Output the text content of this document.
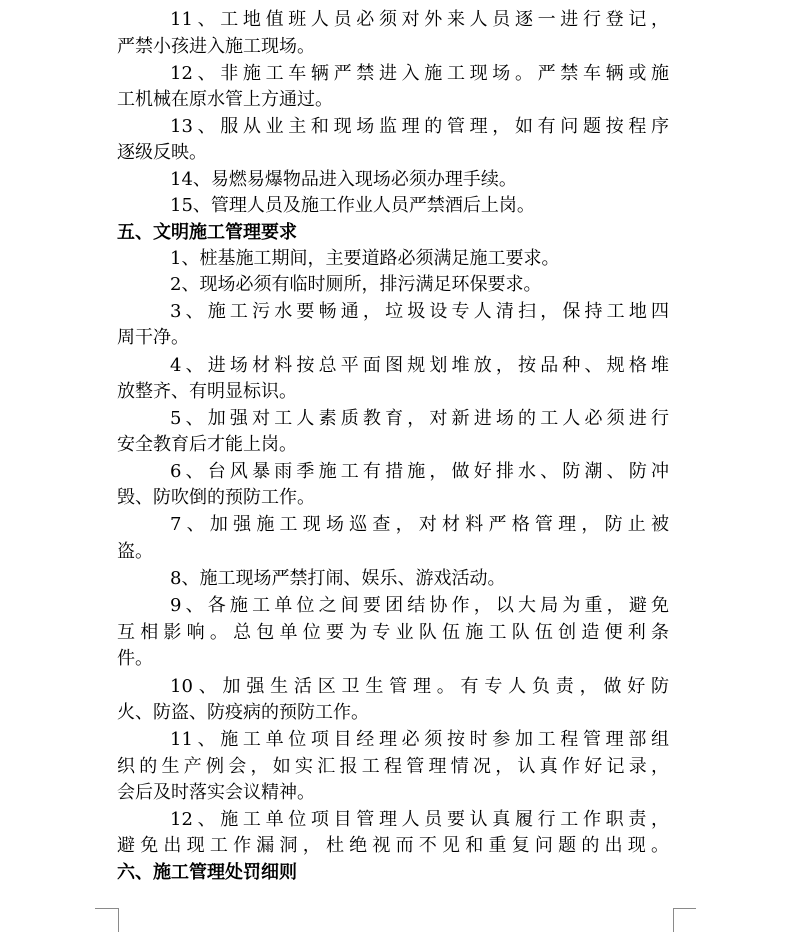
11、工地值班人员必须对外来人员逐一进行登记，
严禁小孩进入施工现场。
12、非施工车辆严禁进入施工现场。严禁车辆或施
工机械在原水管上方通过。
13、服从业主和现场监理的管理，如有问题按程序
逐级反映。
14、易燃易爆物品进入现场必须办理手续。
15、管理人员及施工作业人员严禁酒后上岗。
五、文明施工管理要求
1、桩基施工期间，主要道路必须满足施工要求。
2、现场必须有临时厕所，排污满足环保要求。
3、施工污水要畅通，垃圾设专人清扫，保持工地四
周干净。
4、进场材料按总平面图规划堆放，按品种、规格堆
放整齐、有明显标识。
5、加强对工人素质教育，对新进场的工人必须进行
安全教育后才能上岗。
6、台风暴雨季施工有措施，做好排水、防潮、防冲
毁、防吹倒的预防工作。
7、加强施工现场巡查，对材料严格管理，防止被
盗。
8、施工现场严禁打闹、娱乐、游戏活动。
9、各施工单位之间要团结协作，以大局为重，避免
互相影响。总包单位要为专业队伍施工队伍创造便利条
件。
10、加强生活区卫生管理。有专人负责，做好防
火、防盗、防疫病的预防工作。
11、施工单位项目经理必须按时参加工程管理部组
织的生产例会，如实汇报工程管理情况，认真作好记录，
会后及时落实会议精神。
12、施工单位项目管理人员要认真履行工作职责，
避免出现工作漏洞，杜绝视而不见和重复问题的出现。
六、施工管理处罚细则
